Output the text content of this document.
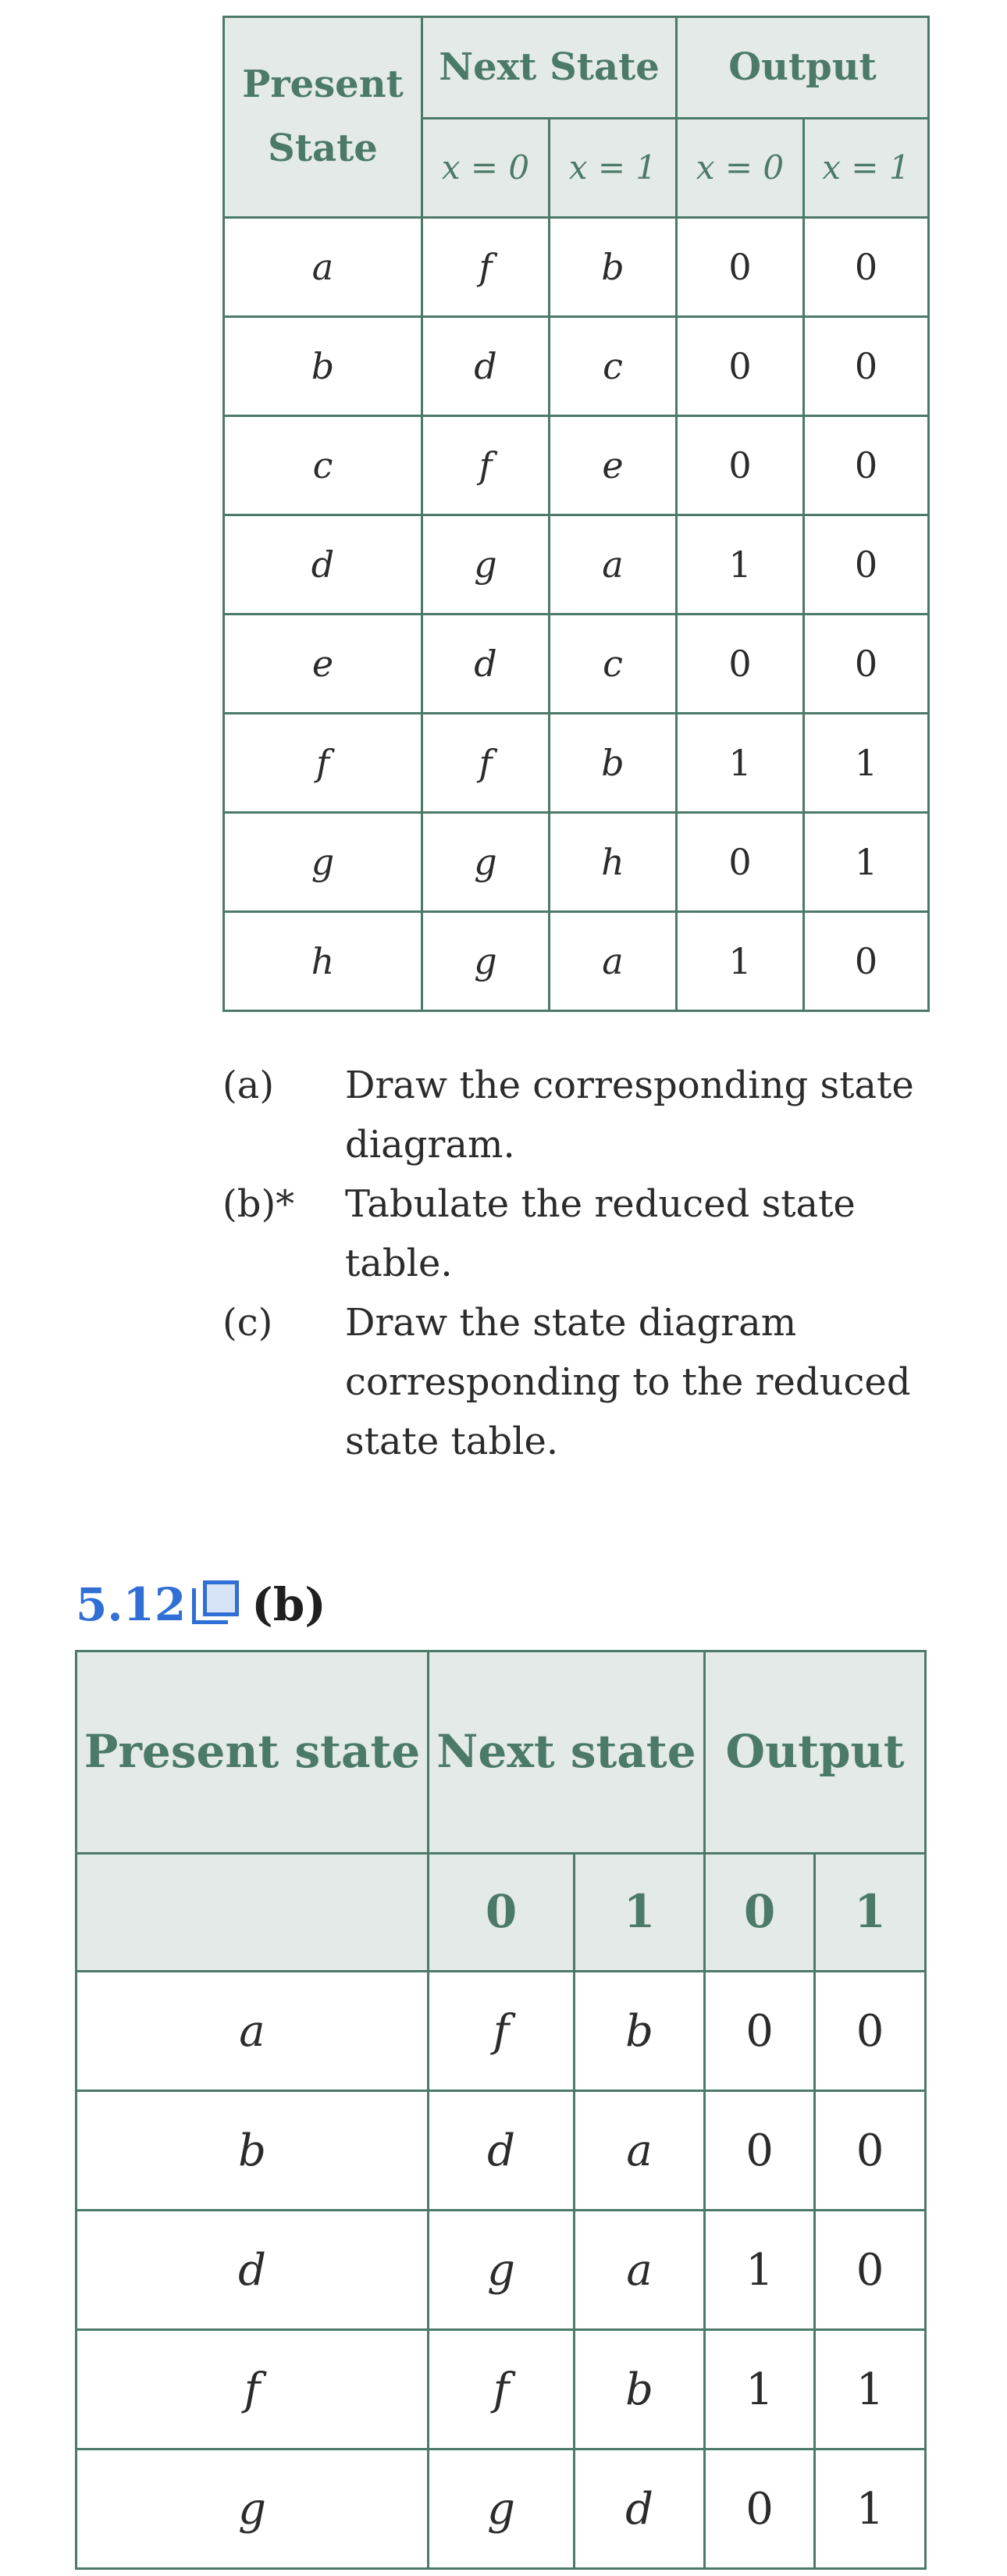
Present State	Next State		Output	
	x = 0	x = 1	x = 0	x = 1
a	f	b	0	0
b	d	c	0	0
c	f	e	0	0
d	g	a	1	0
e	d	c	0	0
f	f	b	1	1
g	g	h	0	1
h	g	a	1	0
(a)	Draw the corresponding state diagram.
(b)*	Tabulate the reduced state table.
(c)	Draw the state diagram corresponding to the reduced state table.
5.12 (b)
Present state	Next state		Output	
	0	1	0	1
a	f	b	0	0
b	d	a	0	0
d	g	a	1	0
f	f	b	1	1
g	g	d	0	1
